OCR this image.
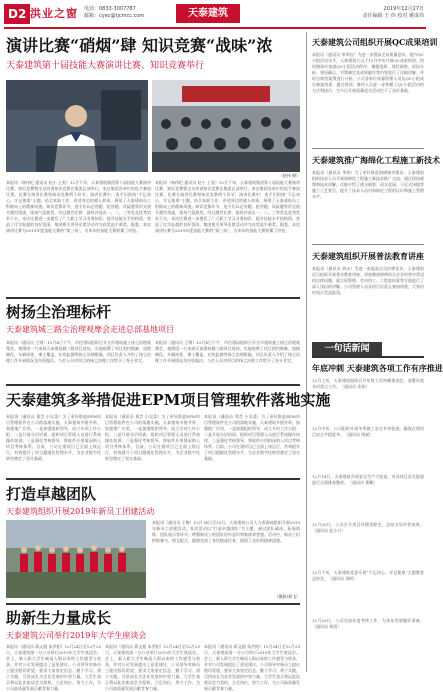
D2 洪业之窗 电话：0833-3007787
邮箱：cyec@tjcmcc.com	天泰建筑	2019年12月27日
责任编辑 王 炜 校对 姚成伟
演讲比赛“硝烟”肆 知识竞赛“战味”浓
天泰建筑第十届技能大赛演讲比赛、知识竞赛举行
（赵伟 摄）
本报讯（林伟纪 通讯员 赵小 王黑）12月下旬，天泰建筑集团第十届技能大赛演讲比赛、知识竞赛暨全员培训知识竞赛在集团总部举行。来自集团各单位的选手参加比赛。比赛分演讲比赛和知识竞赛两个环节。演讲比赛中，选手们围绕“不忘初心、牢记使命”主题，结合本职工作，讲述身边的感人故事，展现了天泰建筑员工积极向上的精神风貌。知识竞赛环节，选手们以必答题、抢答题、风险题等形式展开激烈角逐，现场气氛热烈。经过激烈比拼，最终评选出一、二、三等奖及优秀奖若干名。本次比赛进一步激发了广大职工学习业务知识、提升技能水平的热情，营造了比学赶超的良好氛围。集团相关领导出席活动并为获奖选手颁奖。据悉，本次演讲比赛为2019年度技能大赛的“第三场”，为来年的技能大赛积累了经验。
本报讯（林伟纪 通讯员 赵小 王黑）12月下旬，天泰建筑集团第十届技能大赛演讲比赛、知识竞赛暨全员培训知识竞赛在集团总部举行。来自集团各单位的选手参加比赛。比赛分演讲比赛和知识竞赛两个环节。演讲比赛中，选手们围绕“不忘初心、牢记使命”主题，结合本职工作，讲述身边的感人故事，展现了天泰建筑员工积极向上的精神风貌。知识竞赛环节，选手们以必答题、抢答题、风险题等形式展开激烈角逐，现场气氛热烈。经过激烈比拼，最终评选出一、二、三等奖及优秀奖若干名。本次比赛进一步激发了广大职工学习业务知识、提升技能水平的热情，营造了比学赶超的良好氛围。集团相关领导出席活动并为获奖选手颁奖。据悉，本次演讲比赛为2019年度技能大赛的“第三场”，为来年的技能大赛积累了经验。
树扬尘治理标杆
天泰建筑城三路尘治理观摩会走进总部基地项目
本报讯（通讯员 王聚）12月4日下午，市住建局组织召开全市建筑施工扬尘治理观摩会。观摩团一行来到天泰建筑城三路项目现场，实地观摩了项目围挡喷淋、道路硬化、车辆冲洗、裸土覆盖、在线监测等扬尘治理措施。项目负责人介绍了扬尘治理工作开展情况及经验做法。与会人员对项目的扬尘治理工作给予了充分肯定。
本报讯（通讯员 王聚）12月4日下午，市住建局组织召开全市建筑施工扬尘治理观摩会。观摩团一行来到天泰建筑城三路项目现场，实地观摩了项目围挡喷淋、道路硬化、车辆冲洗、裸土覆盖、在线监测等扬尘治理措施。项目负责人介绍了扬尘治理工作开展情况及经验做法。与会人员对项目的扬尘治理工作给予了充分肯定。
天泰建筑多举措促进EPM项目管理软件落地实施
本报讯（通讯员 郑芸 小吴菜）为了更好推进EPM项目管理软件在公司的落地实施，天泰建筑多措并举，加强推广应用。一是加强组织领导，成立专项工作小组；二是开展分层培训，组织项目管理人员进行系统操作培训；三是强化考核督导，将软件应用情况纳入项目考核体系。目前，公司在建项目已全面上线运行，有效提升了项目精细化管理水平，为企业数字化转型奠定了坚实基础。
本报讯（通讯员 郑芸 小吴菜）为了更好推进EPM项目管理软件在公司的落地实施，天泰建筑多措并举，加强推广应用。一是加强组织领导，成立专项工作小组；二是开展分层培训，组织项目管理人员进行系统操作培训；三是强化考核督导，将软件应用情况纳入项目考核体系。目前，公司在建项目已全面上线运行，有效提升了项目精细化管理水平，为企业数字化转型奠定了坚实基础。
本报讯（通讯员 郑芸 小吴菜）为了更好推进EPM项目管理软件在公司的落地实施，天泰建筑多措并举，加强推广应用。一是加强组织领导，成立专项工作小组；二是开展分层培训，组织项目管理人员进行系统操作培训；三是强化考核督导，将软件应用情况纳入项目考核体系。目前，公司在建项目已全面上线运行，有效提升了项目精细化管理水平，为企业数字化转型奠定了坚实基础。
打造卓越团队
天泰建筑组织开展2019年新员工团建活动
本报讯（通讯员 王梅）12月14日至15日，天泰建筑公司人力资源部组织开展2019年新员工团建活动。本次活动以“打造卓越团队”为主题，通过团队破冰、拓展训练、团队展示等环节，增强新员工的团队协作意识和集体荣誉感。活动中，新员工们积极参与、相互配合，圆满完成了各项挑战任务，展现了良好的精神面貌。
（摄影/郑飞）
助新生力量成长
天泰建筑公司举行2019年大学生座谈会
本报讯（通讯员 蒋文超 朱洪阳）12月24日至12月25日，天泰建筑第一分公司举行2019年大学生座谈会。会上，新入职大学生畅谈入职以来的工作感受与收获，并对公司发展提出了意见建议。公司领导对新员工提出殷切希望，要求大家坚定信念、勤于学习、勇于实践，尽快成长为企业发展的中坚力量。大学生表示将以此次座谈会为契机，立足岗位，努力工作，为公司高质量发展贡献青春力量。
本报讯（通讯员 蒋文超 朱洪阳）12月24日至12月25日，天泰建筑第一分公司举行2019年大学生座谈会。会上，新入职大学生畅谈入职以来的工作感受与收获，并对公司发展提出了意见建议。公司领导对新员工提出殷切希望，要求大家坚定信念、勤于学习、勇于实践，尽快成长为企业发展的中坚力量。大学生表示将以此次座谈会为契机，立足岗位，努力工作，为公司高质量发展贡献青春力量。
本报讯（通讯员 蒋文超 朱洪阳）12月24日至12月25日，天泰建筑第一分公司举行2019年大学生座谈会。会上，新入职大学生畅谈入职以来的工作感受与收获，并对公司发展提出了意见建议。公司领导对新员工提出殷切希望，要求大家坚定信念、勤于学习、勇于实践，尽快成长为企业发展的中坚力量。大学生表示将以此次座谈会为契机，立足岗位，努力工作，为公司高质量发展贡献青春力量。
天泰建筑公司组织开展QC成果培训
本报讯（通讯员 李翠钰）为进一步提高全员质量意识，提升QC小组活动水平，天泰建筑公司于12月中旬开展QC成果培训。培训邀请专家就QC小组活动程序、课题选择、现状调查、原因分析、要因确认、对策制定及成果编写等内容进行了详细讲解，并结合典型案例进行分析。公司各单位质量管理人员及QC小组成员参加培训。通过培训，参训人员进一步掌握了QC小组活动的方法和技巧，为今后开展质量攻关活动打下了良好基础。
天泰建筑推广海绵化工程施工新技术
本报讯（通讯员 李伟）为了更好推进海绵城市建设，天泰建筑组织技术人员开展海绵化工程施工新技术推广交流。通过现场观摩和技术讲解，详细介绍了透水铺装、雨水花园、下沉式绿地等施工工艺要点，提升了技术人员对海绵化工程的认识和施工管理水平。
天泰建筑组织开展普法教育讲座
本报讯（通讯员 胡永）为进一步提高全员法律意识，天泰建筑近日组织开展普法教育讲座。讲座邀请律师结合企业经营中常见的法律问题，就合同管理、劳动用工、工程款结算等方面进行了深入浅出的讲解。公司管理人员及项目负责人参加讲座，大家纷纷表示受益匪浅。
一句话新闻
年底冲刺 天泰建筑各项工作有序推进
12月上旬，天泰建筑组织召开年终工作冲刺推进会，部署年底各项重点工作。（通讯员 张伟）
12月中旬，公司组织开展冬季施工安全专项检查，确保在建项目安全平稳度冬。（通讯员 周斌）
12月18日，天泰建筑开展安全生产大检查，对各项目安全隐患进行全面排查整改。（通讯员 郑鹏）
12月20日，公司召开项目经理述职会，总结全年经营成果。（通讯员 赵小兴）
12月下旬，天泰建筑党委开展“不忘初心、牢记使命”主题教育总结会。（通讯员 刘明）
12月26日，公司完成年度考核工作，为来年发展做好准备。（通讯员 林清）
